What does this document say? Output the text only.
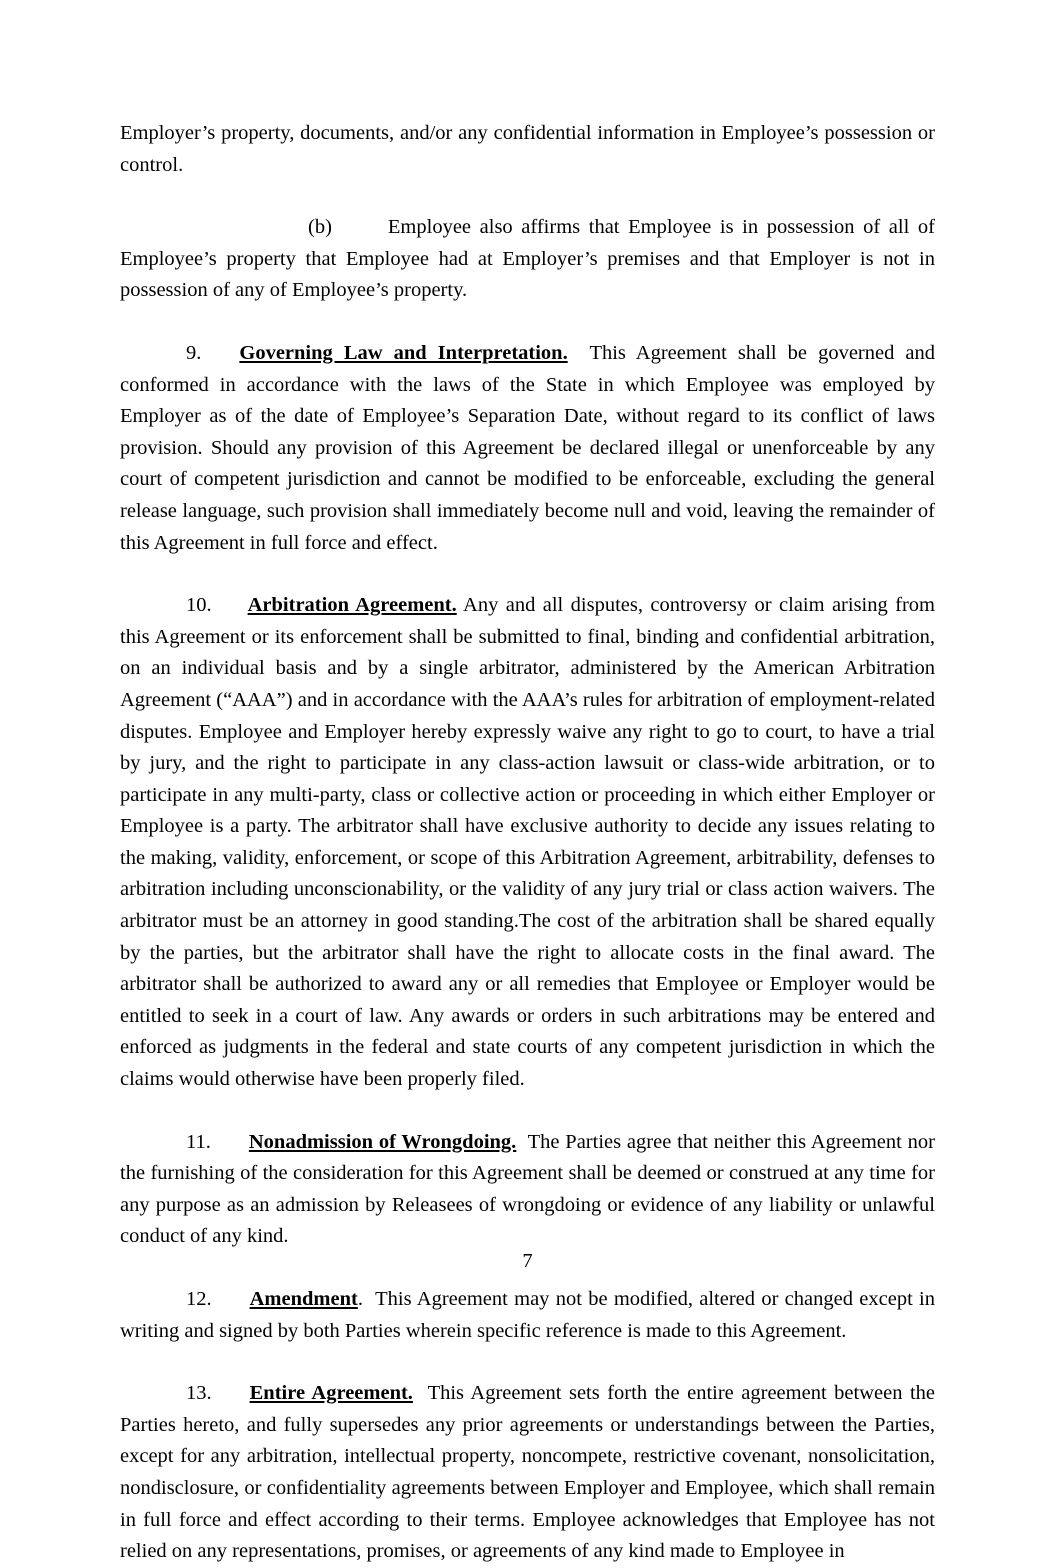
Employer’s property, documents, and/or any confidential information in Employee’s possession or control.

(b)	Employee also affirms that Employee is in possession of all of Employee’s property that Employee had at Employer’s premises and that Employer is not in possession of any of Employee’s property.

9. Governing Law and Interpretation. This Agreement shall be governed and conformed in accordance with the laws of the State in which Employee was employed by Employer as of the date of Employee’s Separation Date, without regard to its conflict of laws provision. Should any provision of this Agreement be declared illegal or unenforceable by any court of competent jurisdiction and cannot be modified to be enforceable, excluding the general release language, such provision shall immediately become null and void, leaving the remainder of this Agreement in full force and effect.

10. Arbitration Agreement. Any and all disputes, controversy or claim arising from this Agreement or its enforcement shall be submitted to final, binding and confidential arbitration, on an individual basis and by a single arbitrator, administered by the American Arbitration Agreement (“AAA”) and in accordance with the AAA’s rules for arbitration of employment-related disputes. Employee and Employer hereby expressly waive any right to go to court, to have a trial by jury, and the right to participate in any class-action lawsuit or class-wide arbitration, or to participate in any multi-party, class or collective action or proceeding in which either Employer or Employee is a party. The arbitrator shall have exclusive authority to decide any issues relating to the making, validity, enforcement, or scope of this Arbitration Agreement, arbitrability, defenses to arbitration including unconscionability, or the validity of any jury trial or class action waivers. The arbitrator must be an attorney in good standing.The cost of the arbitration shall be shared equally by the parties, but the arbitrator shall have the right to allocate costs in the final award. The arbitrator shall be authorized to award any or all remedies that Employee or Employer would be entitled to seek in a court of law. Any awards or orders in such arbitrations may be entered and enforced as judgments in the federal and state courts of any competent jurisdiction in which the claims would otherwise have been properly filed.

11. Nonadmission of Wrongdoing. The Parties agree that neither this Agreement nor the furnishing of the consideration for this Agreement shall be deemed or construed at any time for any purpose as an admission by Releasees of wrongdoing or evidence of any liability or unlawful conduct of any kind.

12. Amendment. This Agreement may not be modified, altered or changed except in writing and signed by both Parties wherein specific reference is made to this Agreement.

13. Entire Agreement. This Agreement sets forth the entire agreement between the Parties hereto, and fully supersedes any prior agreements or understandings between the Parties, except for any arbitration, intellectual property, noncompete, restrictive covenant, nonsolicitation, nondisclosure, or confidentiality agreements between Employer and Employee, which shall remain in full force and effect according to their terms. Employee acknowledges that Employee has not relied on any representations, promises, or agreements of any kind made to Employee in

7
